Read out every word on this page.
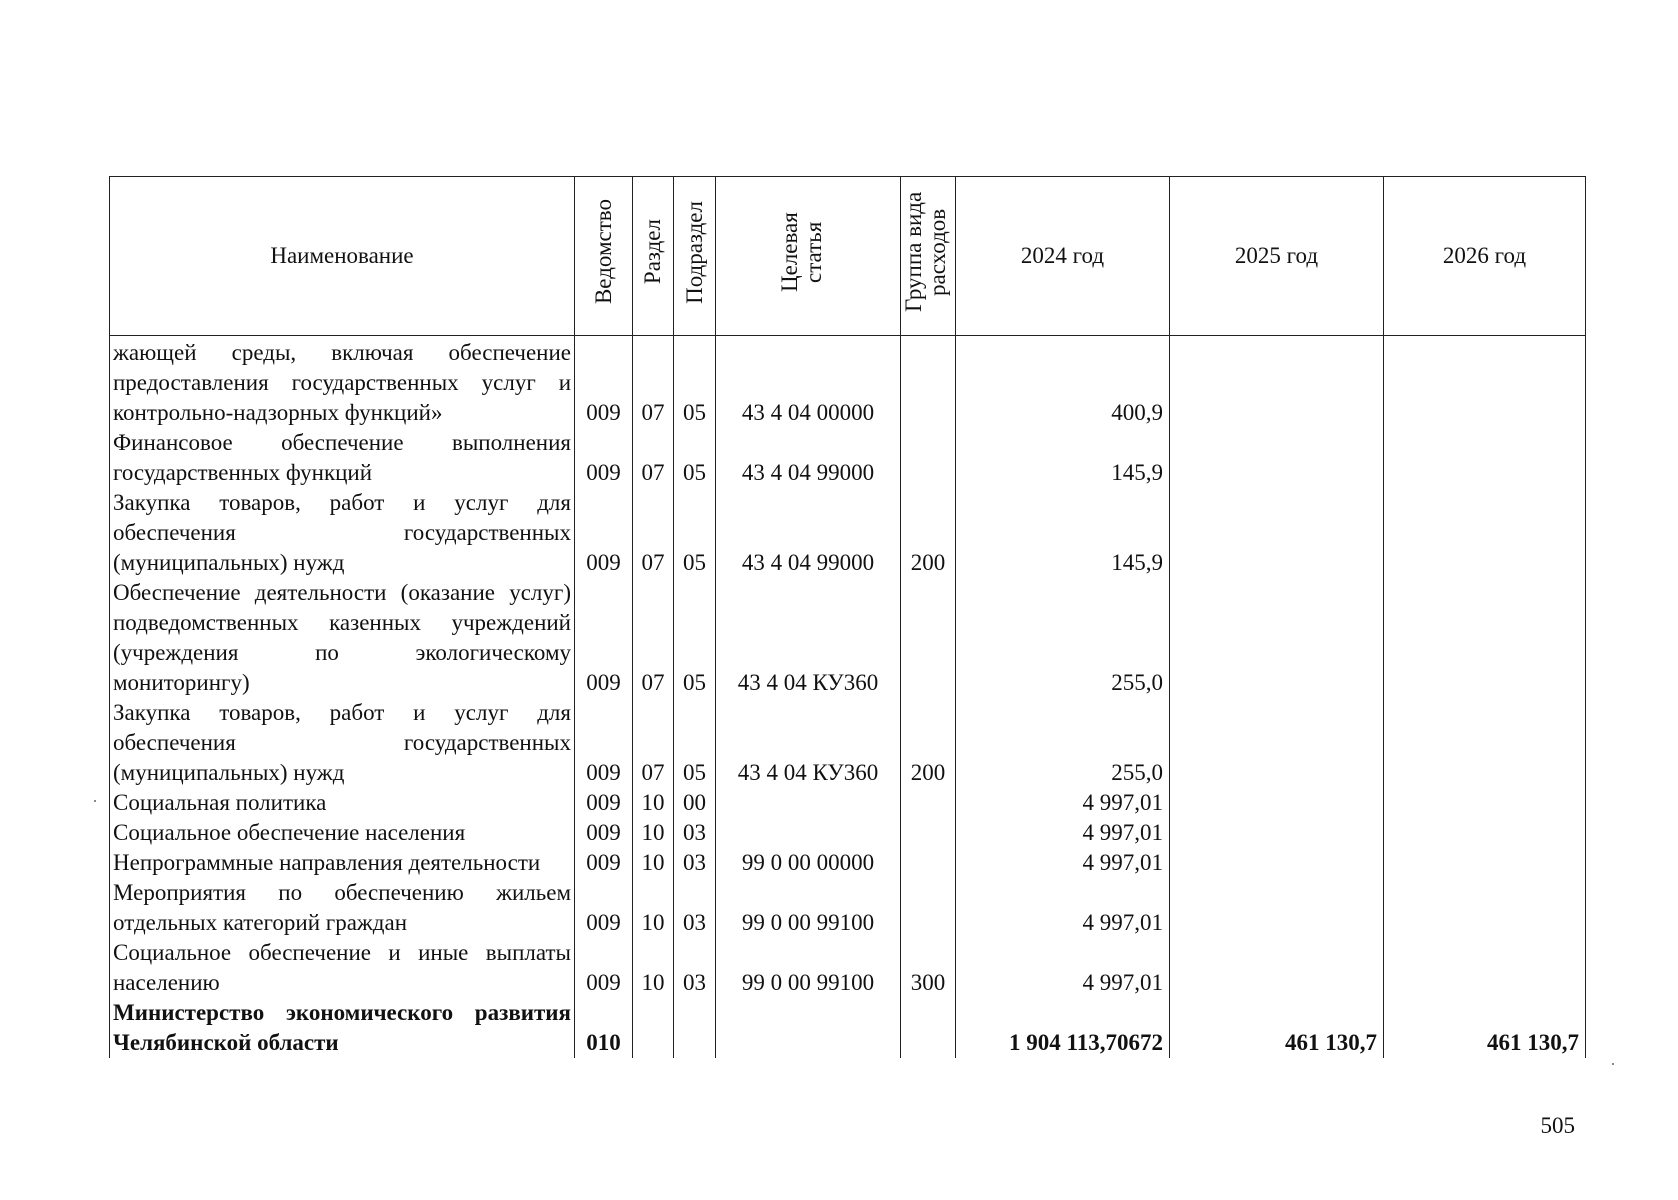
Наименование	Ведомство	Раздел	Подраздел	Целевая статья	Группа вида расходов	2024 год	2025 год	2026 год
жающей среды, включая обеспечение предоставления государственных услуг и контрольно-надзорных функций»	009	07	05	43 4 04 00000		400,9		
Финансовое обеспечение выполнения государственных функций	009	07	05	43 4 04 99000		145,9		
Закупка товаров, работ и услуг для обеспечения государственных (муниципальных) нужд	009	07	05	43 4 04 99000	200	145,9		
Обеспечение деятельности (оказание услуг) подведомственных казенных учреждений (учреждения по экологическому мониторингу)	009	07	05	43 4 04 КУ360		255,0		
Закупка товаров, работ и услуг для обеспечения государственных (муниципальных) нужд	009	07	05	43 4 04 КУ360	200	255,0		
Социальная политика	009	10	00			4 997,01		
Социальное обеспечение населения	009	10	03			4 997,01		
Непрограммные направления деятельности	009	10	03	99 0 00 00000		4 997,01		
Мероприятия по обеспечению жильем отдельных категорий граждан	009	10	03	99 0 00 99100		4 997,01		
Социальное обеспечение и иные выплаты населению	009	10	03	99 0 00 99100	300	4 997,01		
Министерство экономического развития Челябинской области	010					1 904 113,70672	461 130,7	461 130,7
505
